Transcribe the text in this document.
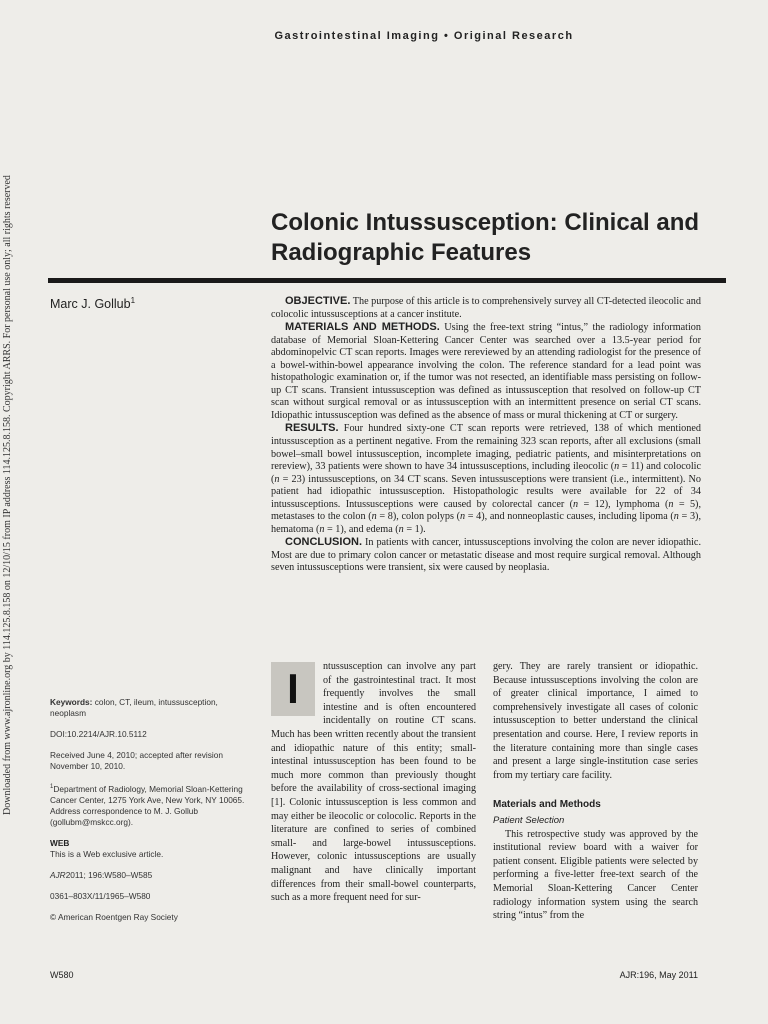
Downloaded from www.ajronline.org by 114.125.8.158 on 12/10/15 from IP address 114.125.8.158. Copyright ARRS. For personal use only; all rights reserved
Gastrointestinal Imaging • Original Research
Colonic Intussusception: Clinical and Radiographic Features
Marc J. Gollub$^1$	OBJECTIVE. The purpose of this article is to comprehensively survey all CT-detected ileocolic and colocolic intussusceptions at a cancer institute.

MATERIALS AND METHODS. Using the free-text string “intus,” the radiology information database of Memorial Sloan-Kettering Cancer Center was searched over a 13.5-year period for abdominopelvic CT scan reports. Images were rereviewed by an attending radiologist for the presence of a bowel-within-bowel appearance involving the colon. The reference standard for a lead point was histopathologic examination or, if the tumor was not resected, an identifiable mass persisting on follow-up CT scans. Transient intussusception was defined as intussusception that resolved on follow-up CT scan without surgical removal or as intussusception with an intermittent presence on serial CT scans. Idiopathic intussusception was defined as the absence of mass or mural thickening at CT or surgery.

RESULTS. Four hundred sixty-one CT scan reports were retrieved, 138 of which mentioned intussusception as a pertinent negative. From the remaining 323 scan reports, after all exclusions (small bowel–small bowel intussusception, incomplete imaging, pediatric patients, and misinterpretations on rereview), 33 patients were shown to have 34 intussusceptions, including ileocolic (n = 11) and colocolic (n = 23) intussusceptions, on 34 CT scans. Seven intussusceptions were transient (i.e., intermittent). No patient had idiopathic intussusception. Histopathologic results were available for 22 of 34 intussusceptions. Intussusceptions were caused by colorectal cancer (n = 12), lymphoma (n = 5), metastases to the colon (n = 8), colon polyps (n = 4), and nonneoplastic causes, including lipoma (n = 3), hematoma (n = 1), and edema (n = 1).

CONCLUSION. In patients with cancer, intussusceptions involving the colon are never idiopathic. Most are due to primary colon cancer or metastatic disease and most require surgical removal. Although seven intussusceptions were transient, six were caused by neoplasia.

Keywords: colon, CT, ileum, intussusception, neoplasm
DOI:10.2214/AJR.10.5112
Received June 4, 2010; accepted after revision November 10, 2010.
$^1$Department of Radiology, Memorial Sloan-Kettering Cancer Center, 1275 York Ave, New York, NY 10065. Address correspondence to M. J. Gollub (gollubm@mskcc.org).
WEB
This is a Web exclusive article.
AJR2011; 196:W580–W585
0361–803X/11/1965–W580
© American Roentgen Ray Society
I	ntussusception can involve any part of the gastrointestinal tract. It most frequently involves the small intestine and is often encountered incidentally on routine CT scans. Much has been written recently about the transient and idiopathic nature of this entity; small-intestinal intussusception has been found to be much more common than previously thought before the availability of cross-sectional imaging [1]. Colonic intussusception is less common and may either be ileocolic or colocolic. Reports in the literature are confined to series of combined small- and large-bowel intussusceptions. However, colonic intussusceptions are usually malignant and have clinically important differences from their small-bowel counterparts, such as a more frequent need for sur-

gery. They are rarely transient or idiopathic. Because intussusceptions involving the colon are of greater clinical importance, I aimed to comprehensively investigate all cases of colonic intussusception to better understand the clinical presentation and course. Here, I review reports in the literature containing more than single cases and present a large single-institution case series from my tertiary care facility.

Materials and Methods

Patient Selection

This retrospective study was approved by the institutional review board with a waiver for patient consent. Eligible patients were selected by performing a five-letter free-text search of the Memorial Sloan-Kettering Cancer Center radiology information system using the search string “intus” from the

W580	AJR:196, May 2011
